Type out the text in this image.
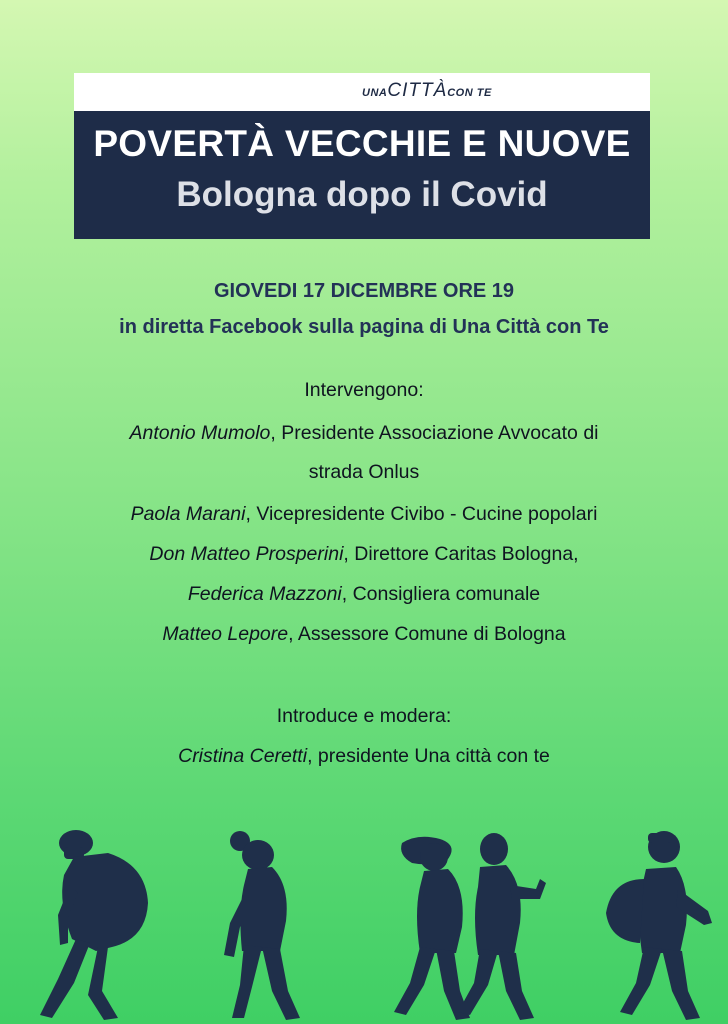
UNACITTÀCON TE
POVERTÀ VECCHIE E NUOVE
Bologna dopo il Covid
GIOVEDI 17 DICEMBRE ORE 19
in diretta Facebook sulla pagina di Una Città con Te
Intervengono:
Antonio Mumolo, Presidente Associazione Avvocato di
strada Onlus
Paola Marani, Vicepresidente Civibo - Cucine popolari
Don Matteo Prosperini, Direttore Caritas Bologna,
Federica Mazzoni, Consigliera comunale
Matteo Lepore, Assessore Comune di Bologna
Introduce e modera:
Cristina Ceretti, presidente Una città con te
